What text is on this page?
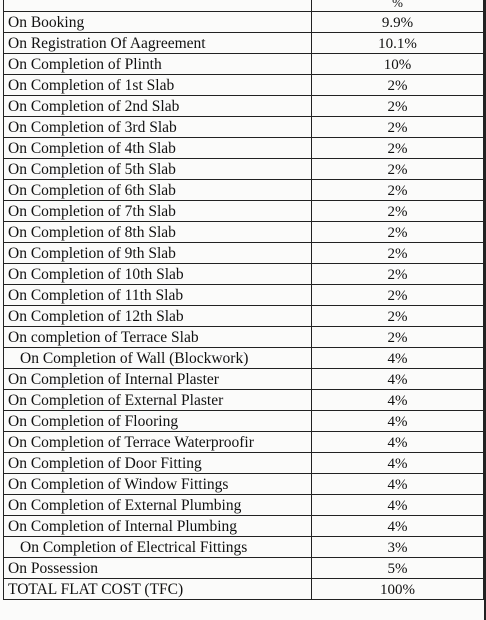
	%
On Booking	9.9%
On Registration Of Aagreement	10.1%
On Completion of Plinth	10%
On Completion of 1st Slab	2%
On Completion of 2nd Slab	2%
On Completion of 3rd Slab	2%
On Completion of 4th Slab	2%
On Completion of 5th Slab	2%
On Completion of 6th Slab	2%
On Completion of 7th Slab	2%
On Completion of 8th Slab	2%
On Completion of 9th Slab	2%
On Completion of 10th Slab	2%
On Completion of 11th Slab	2%
On Completion of 12th Slab	2%
On completion of Terrace Slab	2%
On Completion of Wall (Blockwork)	4%
On Completion of Internal Plaster	4%
On Completion of External Plaster	4%
On Completion of Flooring	4%
On Completion of Terrace Waterproofir	4%
On Completion of Door Fitting	4%
On Completion of Window Fittings	4%
On Completion of External Plumbing	4%
On Completion of Internal Plumbing	4%
On Completion of Electrical Fittings	3%
On Possession	5%
TOTAL FLAT COST (TFC)	100%
